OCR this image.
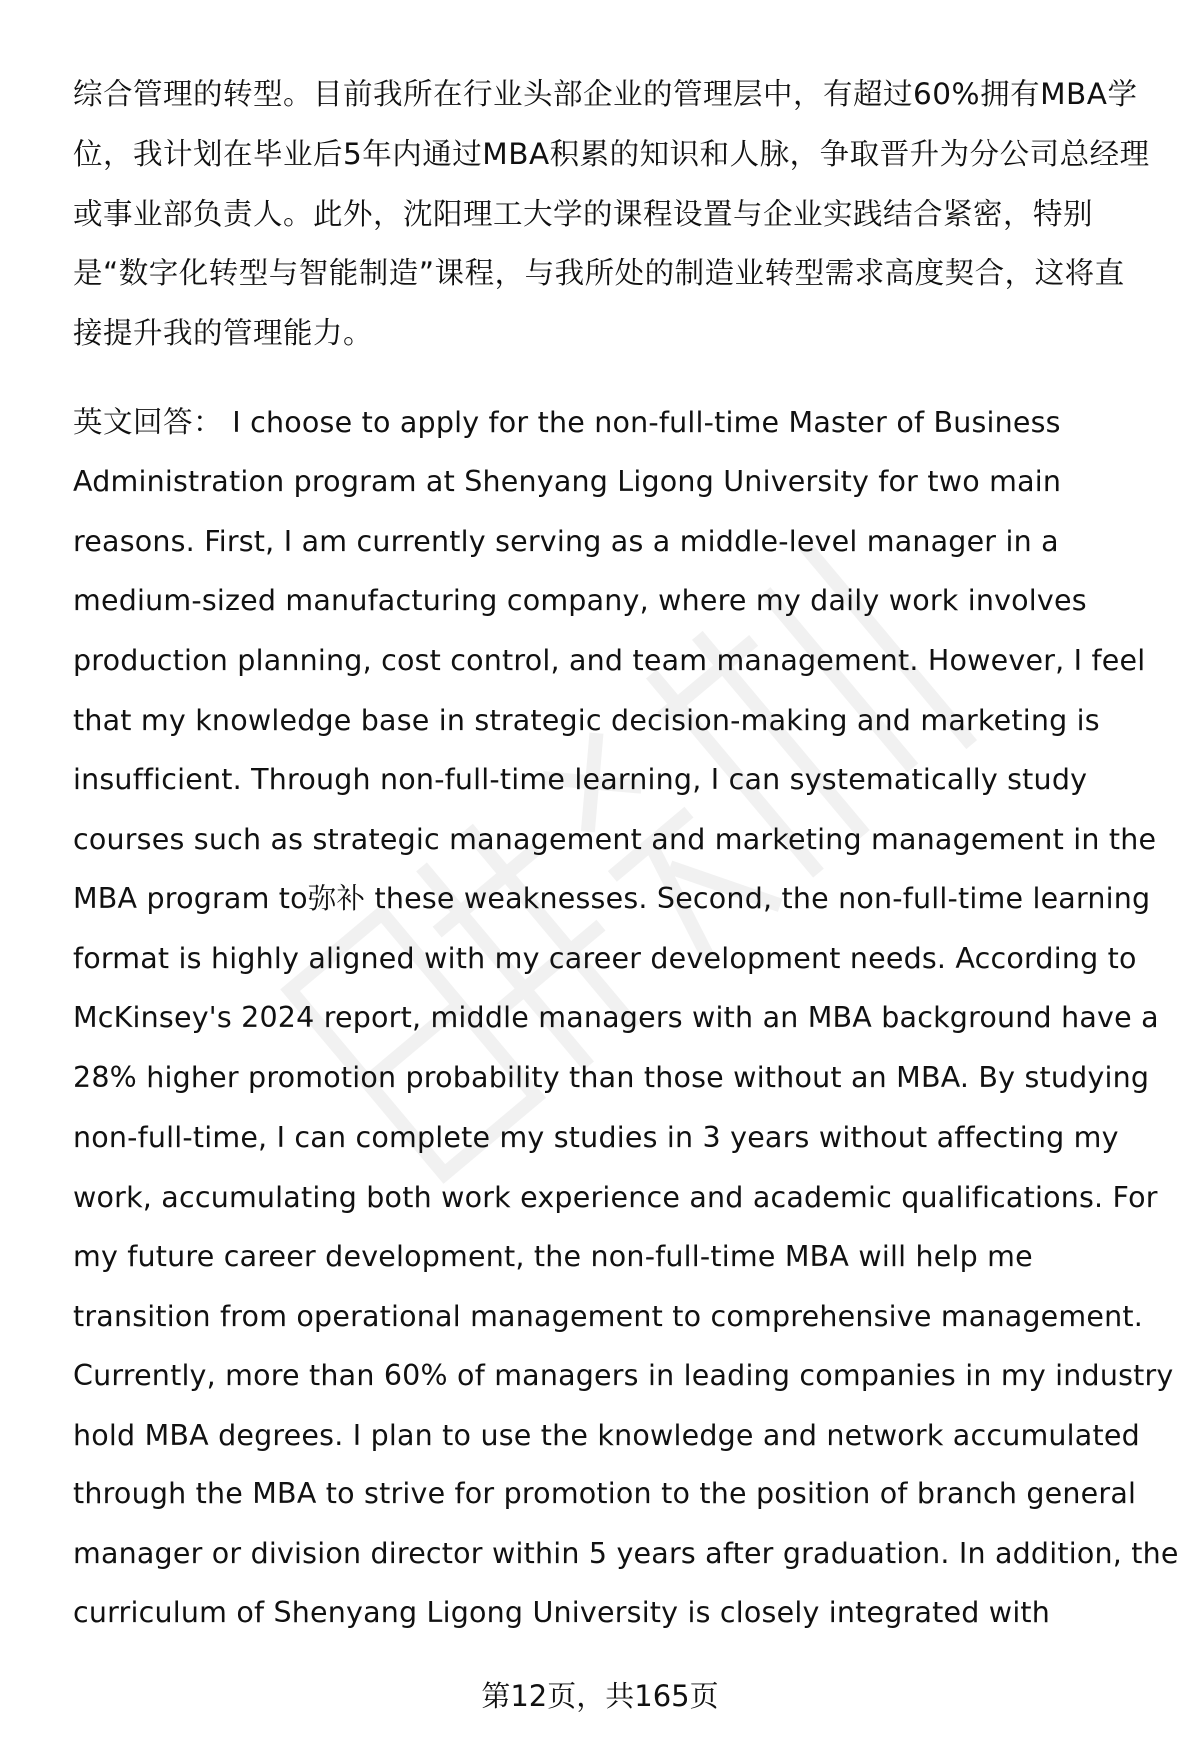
综合管理的转型。目前我所在行业头部企业的管理层中，有超过60%拥有MBA学
位，我计划在毕业后5年内通过MBA积累的知识和人脉，争取晋升为分公司总经理
或事业部负责人。此外，沈阳理工大学的课程设置与企业实践结合紧密，特别
是“数字化转型与智能制造”课程，与我所处的制造业转型需求高度契合，这将直
接提升我的管理能力。
英文回答： I choose to apply for the non-full-time Master of Business
Administration program at Shenyang Ligong University for two main
reasons. First, I am currently serving as a middle-level manager in a
medium-sized manufacturing company, where my daily work involves
production planning, cost control, and team management. However, I feel
that my knowledge base in strategic decision-making and marketing is
insufficient. Through non-full-time learning, I can systematically study
courses such as strategic management and marketing management in the
MBA program to弥补 these weaknesses. Second, the non-full-time learning
format is highly aligned with my career development needs. According to
McKinsey's 2024 report, middle managers with an MBA background have a
28% higher promotion probability than those without an MBA. By studying
non-full-time, I can complete my studies in 3 years without affecting my
work, accumulating both work experience and academic qualifications. For
my future career development, the non-full-time MBA will help me
transition from operational management to comprehensive management.
Currently, more than 60% of managers in leading companies in my industry
hold MBA degrees. I plan to use the knowledge and network accumulated
through the MBA to strive for promotion to the position of branch general
manager or division director within 5 years after graduation. In addition, the
curriculum of Shenyang Ligong University is closely integrated with
第12页，共165页
